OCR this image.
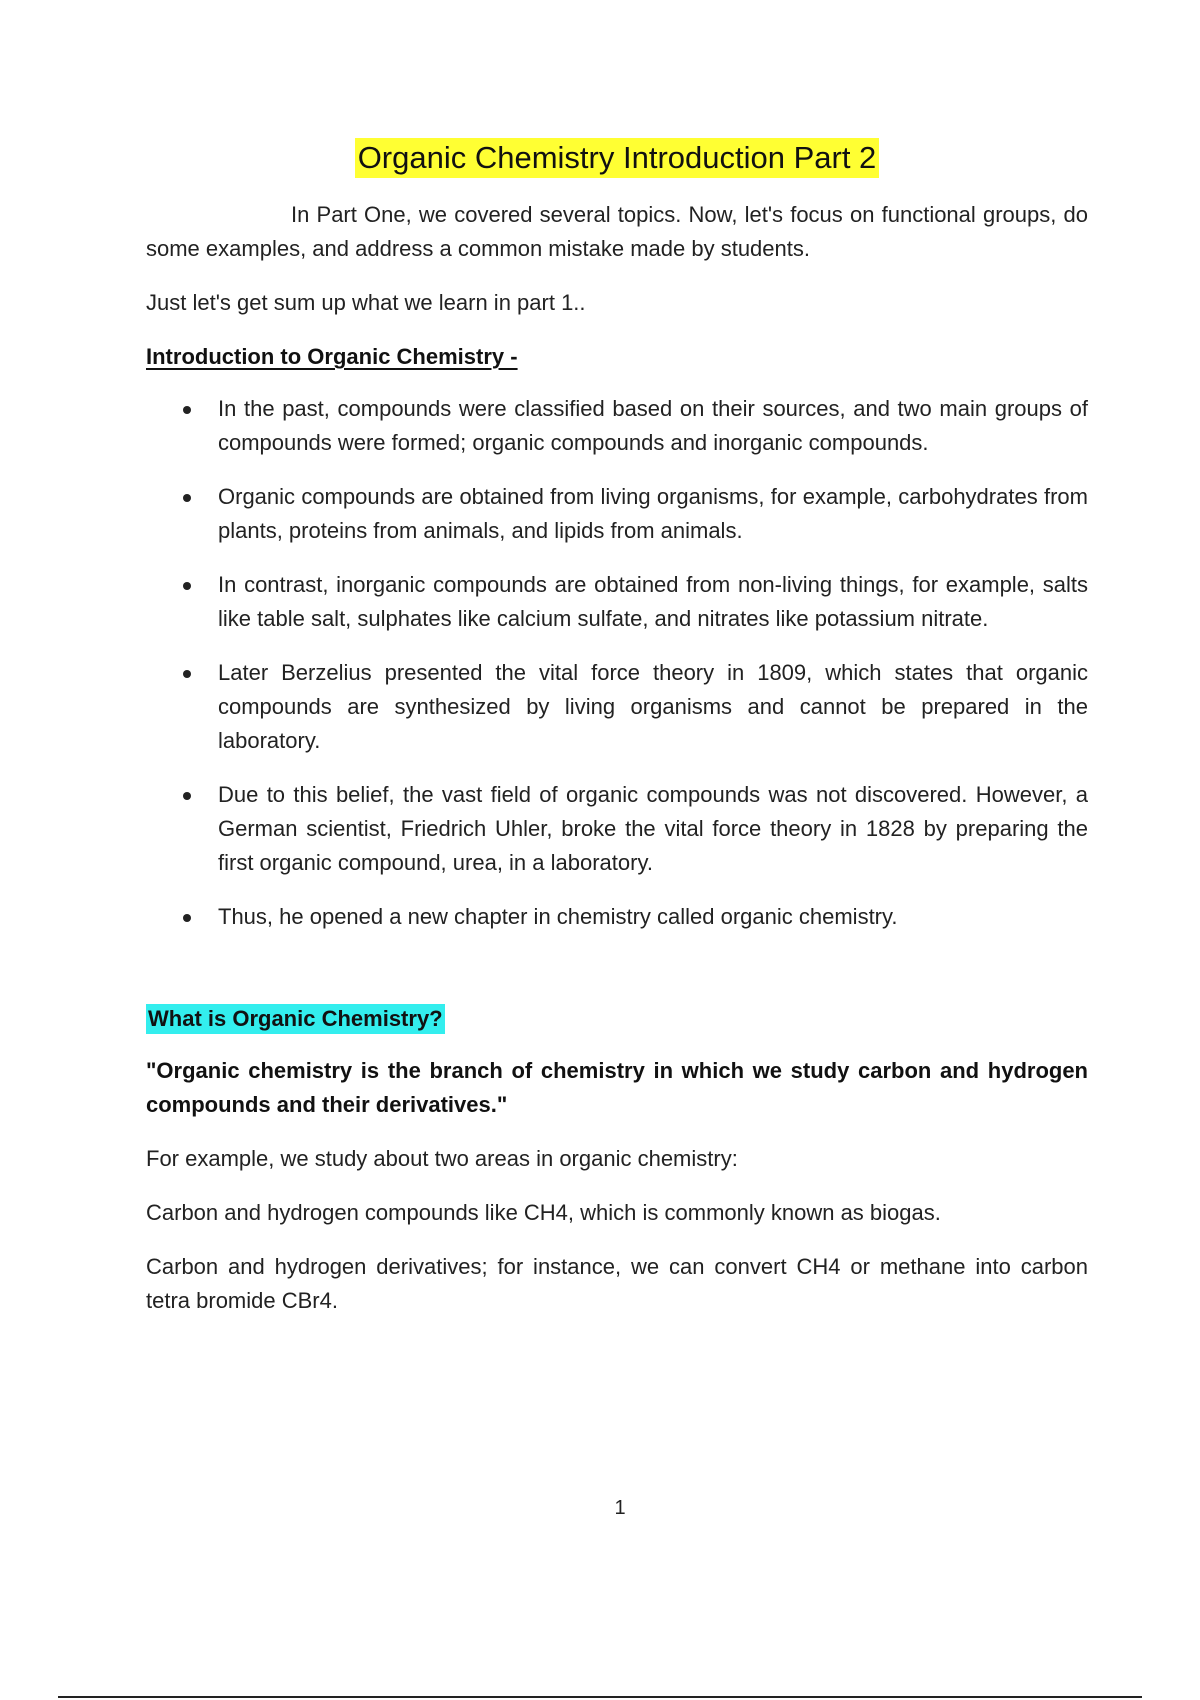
Organic Chemistry Introduction Part 2

In Part One, we covered several topics. Now, let's focus on functional groups, do some examples, and address a common mistake made by students.

Just let's get sum up what we learn in part 1..

Introduction to Organic Chemistry -

In the past, compounds were classified based on their sources, and two main groups of compounds were formed; organic compounds and inorganic compounds.

Organic compounds are obtained from living organisms, for example, carbohydrates from plants, proteins from animals, and lipids from animals.

In contrast, inorganic compounds are obtained from non-living things, for example, salts like table salt, sulphates like calcium sulfate, and nitrates like potassium nitrate.

Later Berzelius presented the vital force theory in 1809, which states that organic compounds are synthesized by living organisms and cannot be prepared in the laboratory.

Due to this belief, the vast field of organic compounds was not discovered. However, a German scientist, Friedrich Uhler, broke the vital force theory in 1828 by preparing the first organic compound, urea, in a laboratory.

Thus, he opened a new chapter in chemistry called organic chemistry.

What is Organic Chemistry?

"Organic chemistry is the branch of chemistry in which we study carbon and hydrogen compounds and their derivatives."

For example, we study about two areas in organic chemistry:

Carbon and hydrogen compounds like CH4, which is commonly known as biogas.

Carbon and hydrogen derivatives; for instance, we can convert CH4 or methane into carbon tetra bromide CBr4.

1
